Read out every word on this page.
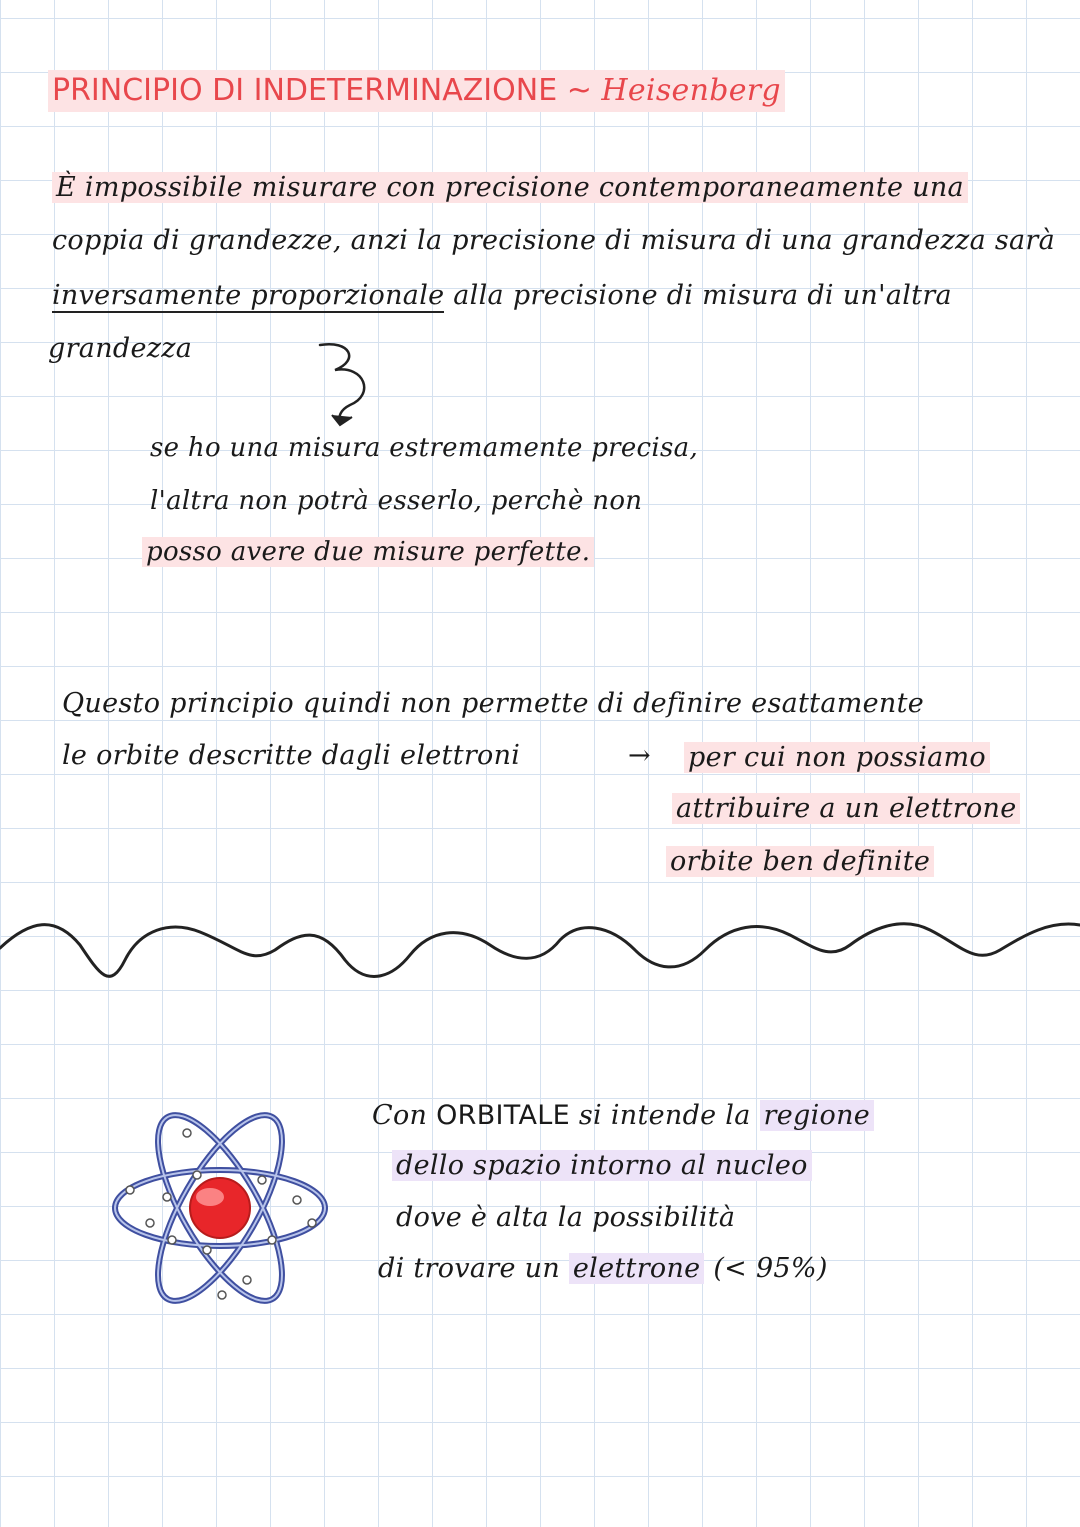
PRINCIPIO DI INDETERMINAZIONE ~ Heisenberg
È impossibile misurare con precisione contemporaneamente una
coppia di grandezze, anzi la precisione di misura di una grandezza sarà
inversamente proporzionale alla precisione di misura di un'altra
grandezza
se ho una misura estremamente precisa,
l'altra non potrà esserlo, perchè non
posso avere due misure perfette.
Questo principio quindi non permette di definire esattamente
le orbite descritte dagli elettroni	→ per cui non possiamo
attribuire a un elettrone
orbite ben definite
Con ORBITALE si intende la regione
dello spazio intorno al nucleo
dove è alta la possibilità
di trovare un elettrone (< 95%)
